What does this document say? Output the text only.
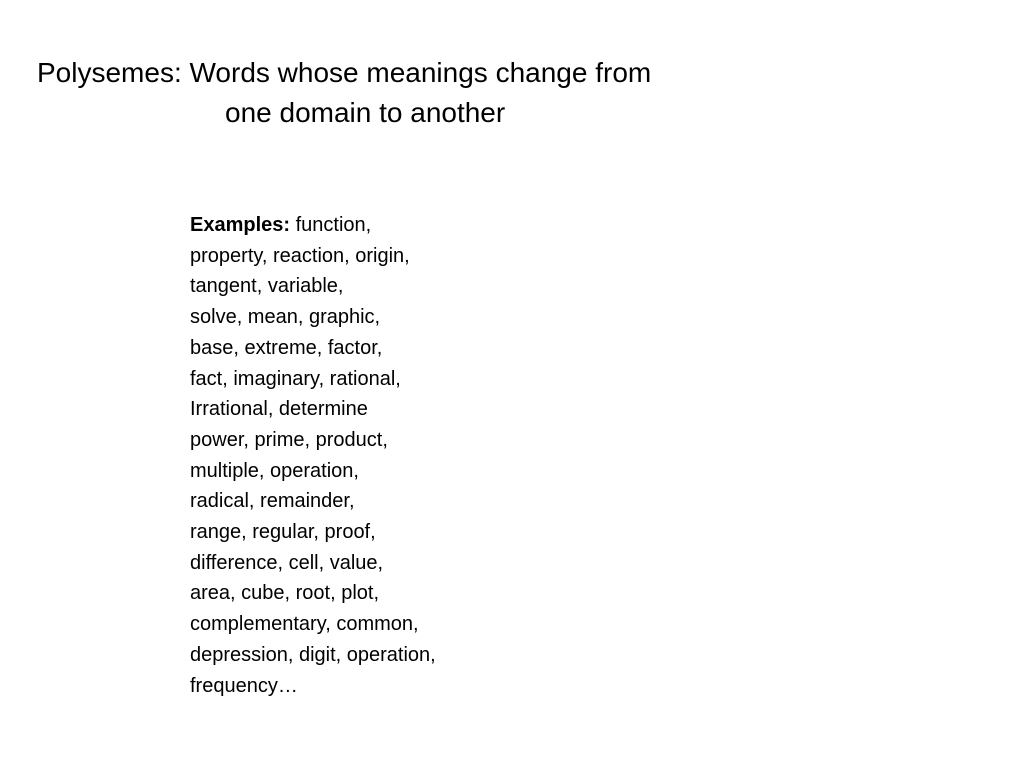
Polysemes: Words whose meanings change from
one domain to another
Examples: function,
property, reaction, origin,
tangent, variable,
solve, mean, graphic,
base, extreme, factor,
fact, imaginary, rational,
Irrational, determine
power, prime, product,
multiple, operation,
radical, remainder,
range, regular, proof,
difference, cell, value,
area, cube, root, plot,
complementary, common,
depression, digit, operation,
frequency…
